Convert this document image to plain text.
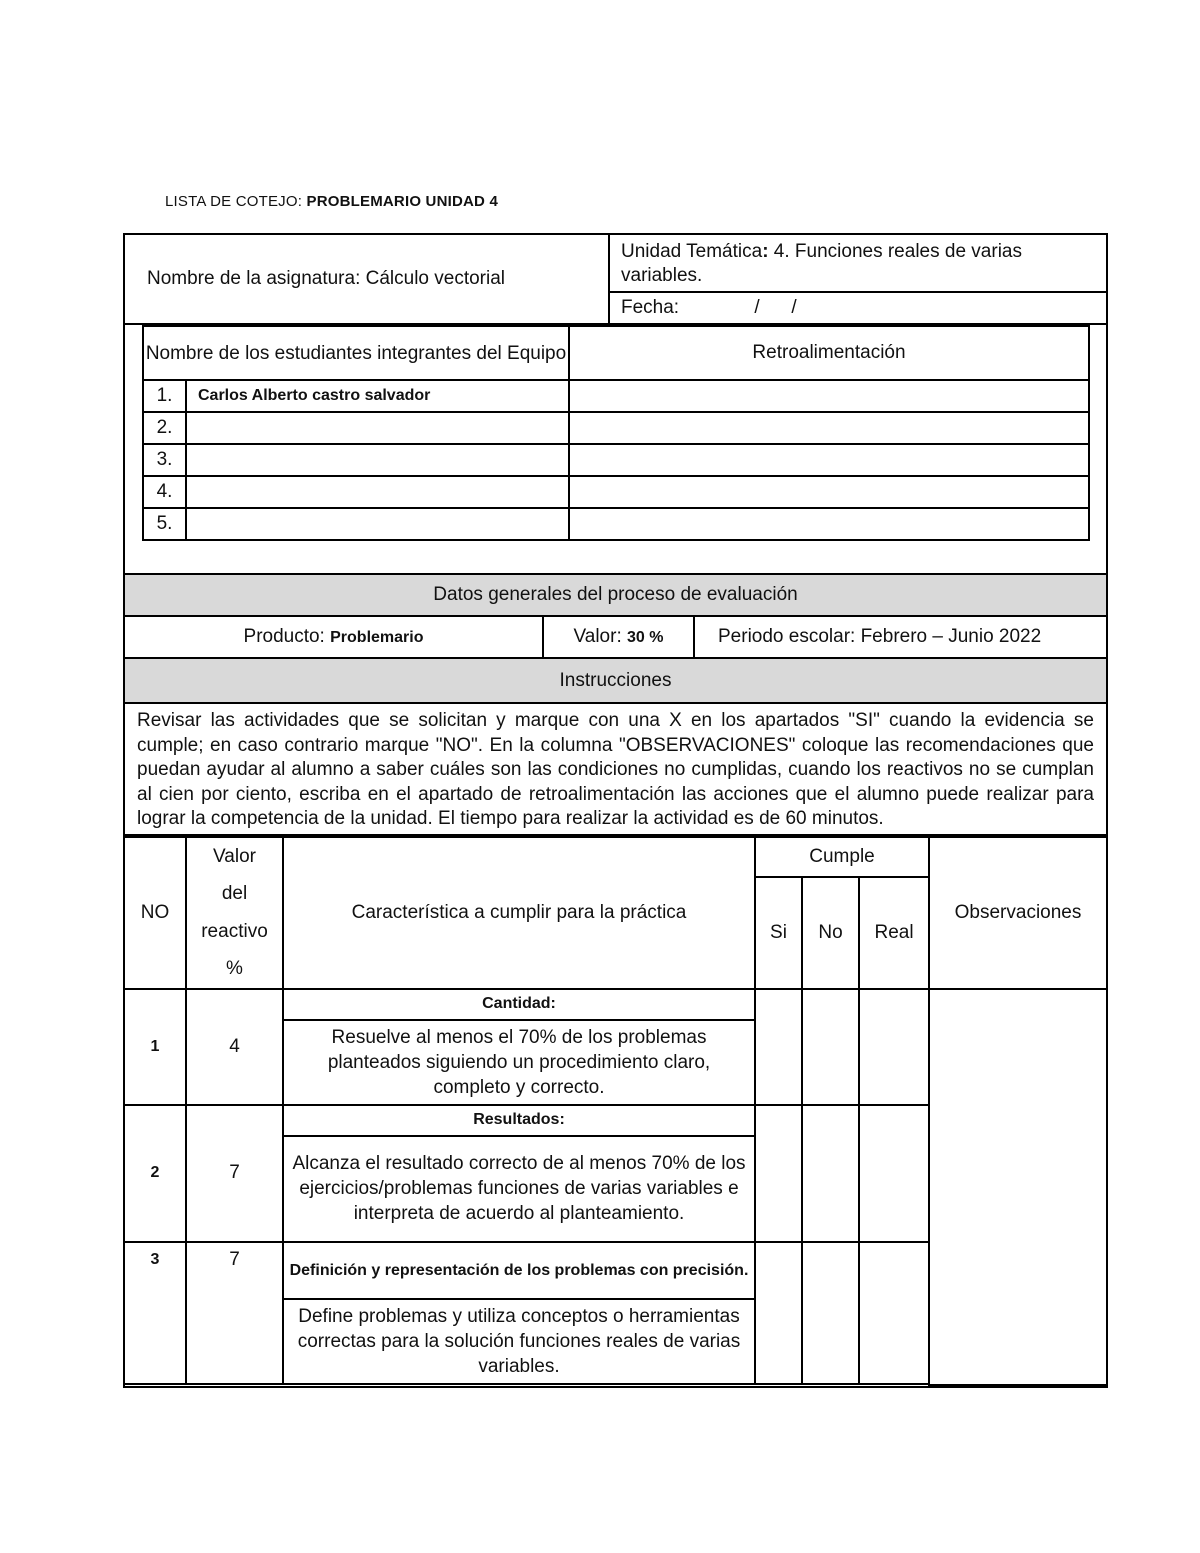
LISTA DE COTEJO: PROBLEMARIO UNIDAD 4
Nombre de la asignatura: Cálculo vectorial	Unidad Temática: 4. Funciones reales de varias variables.
Fecha:	/      /

Nombre de los estudiantes integrantes del Equipo	Retroalimentación
1.	Carlos Alberto castro salvador	
2.		
3.		
4.		
5.		

Datos generales del proceso de evaluación

Producto: Problemario	Valor: 30 %	Periodo escolar: Febrero – Junio 2022

Instrucciones
Revisar las actividades que se solicitan y marque con una X en los apartados "SI" cuando la evidencia se cumple; en caso contrario marque "NO". En la columna "OBSERVACIONES" coloque las recomendaciones que puedan ayudar al alumno a saber cuáles son las condiciones no cumplidas, cuando los reactivos no se cumplan al cien por ciento, escriba en el apartado de retroalimentación las acciones que el alumno puede realizar para lograr la competencia de la unidad. El tiempo para realizar la actividad es de 60 minutos.

NO	Valor
del
reactivo
%	Característica a cumplir para la práctica	Cumple	Observaciones
Si	No	Real
1	4	Cantidad:				
Resuelve al menos el 70% de los problemas planteados siguiendo un procedimiento claro, completo y correcto.
2	7	Resultados:			
Alcanza el resultado correcto de al menos 70% de los ejercicios/problemas funciones de varias variables e interpreta de acuerdo al planteamiento.
3	7	Definición y representación de los problemas con precisión.			
Define problemas y utiliza conceptos o herramientas correctas para la solución funciones reales de varias variables.
